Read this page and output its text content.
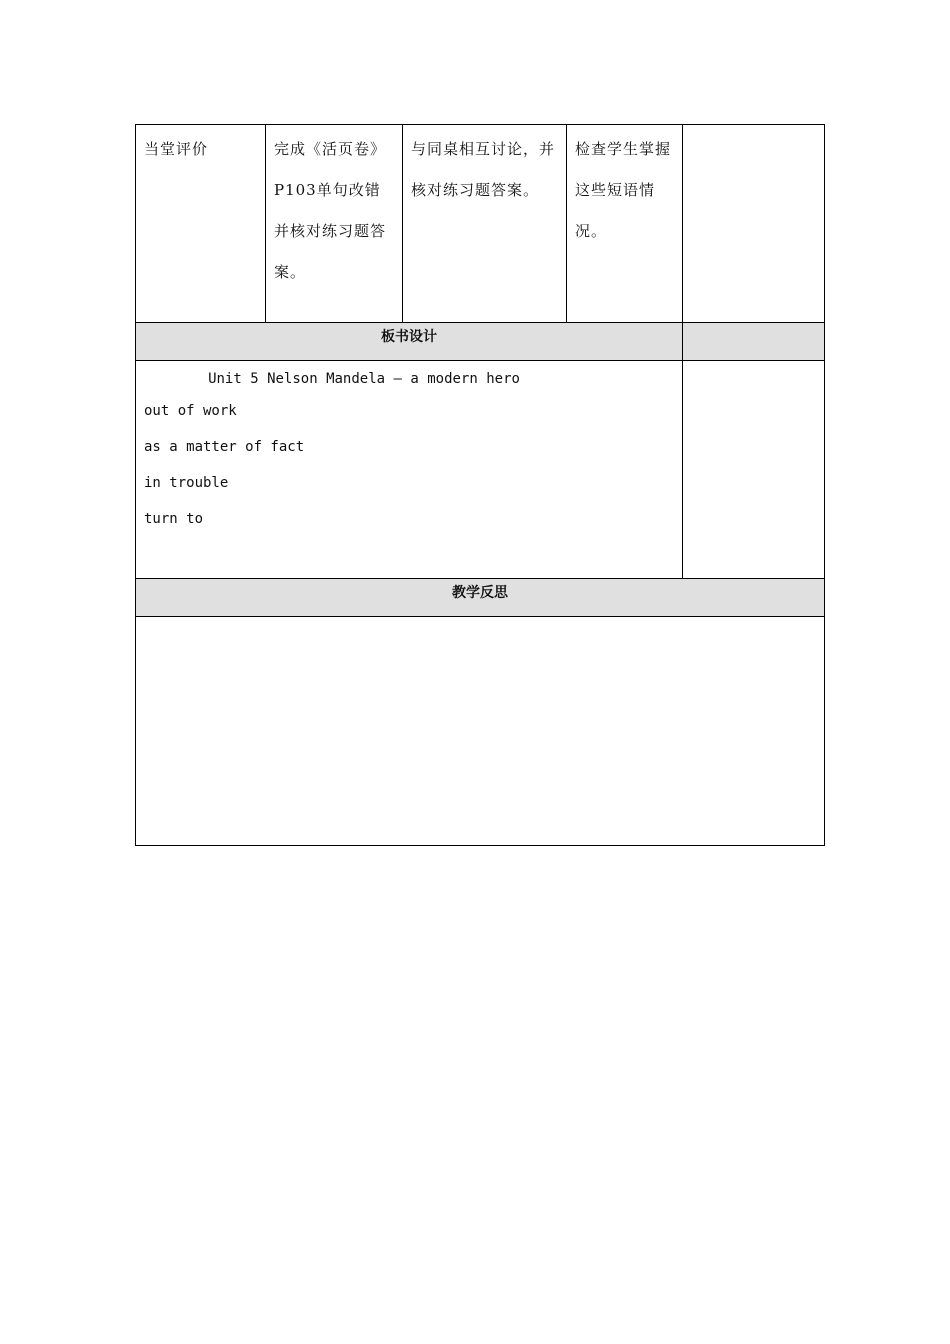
当堂评价	完成《活页卷》P103单句改错并核对练习题答案。	与同桌相互讨论，并核对练习题答案。	检查学生掌握这些短语情况。	

板书设计				

Unit 5 Nelson Mandela — a modern hero
out of work
as a matter of fact
in trouble
turn to				

教学反思				
